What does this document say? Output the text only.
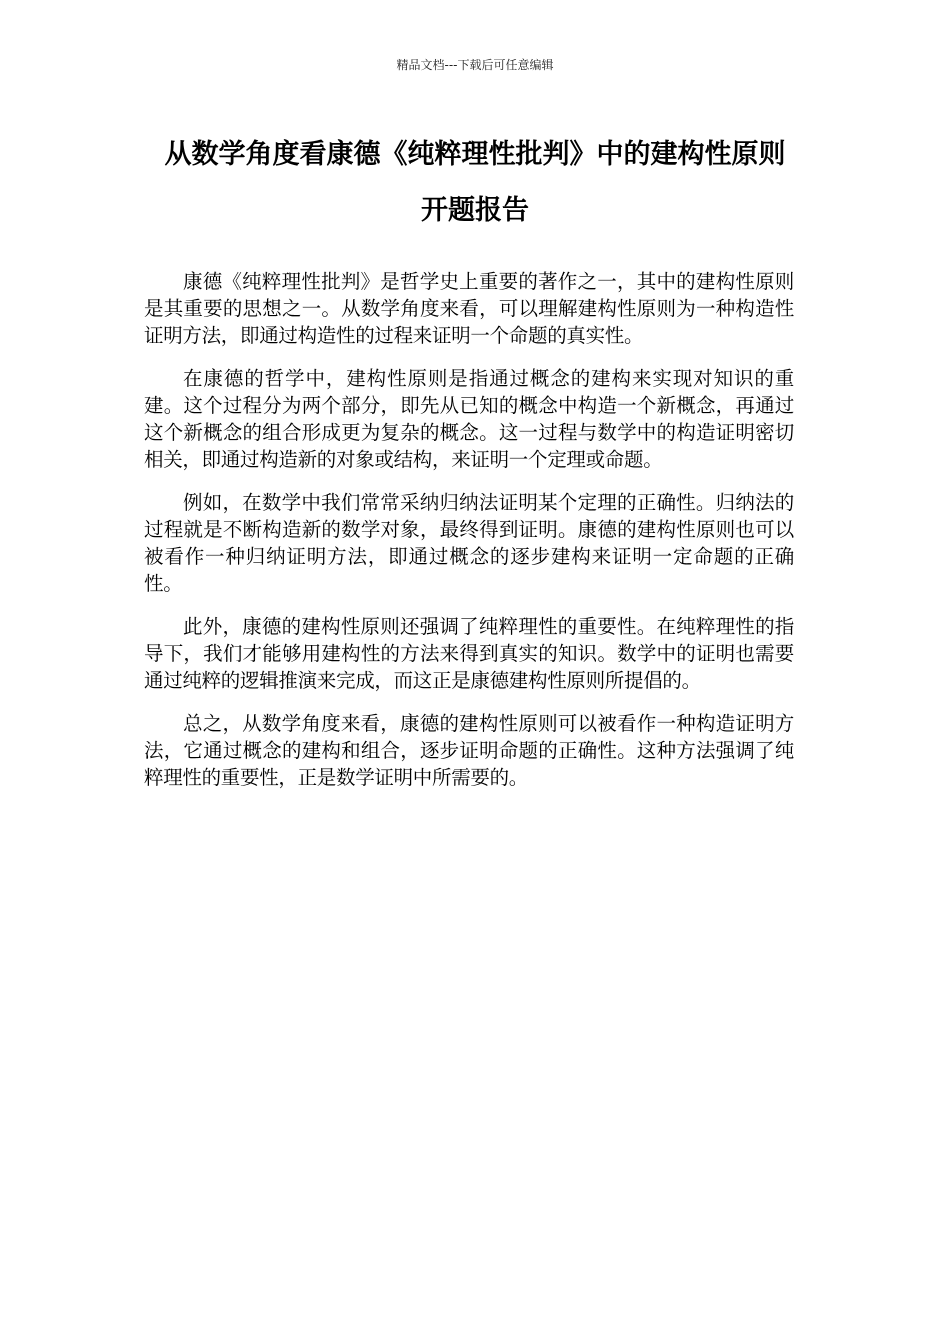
精品文档---下载后可任意编辑

从数学角度看康德《纯粹理性批判》中的建构性原则

开题报告

康德《纯粹理性批判》是哲学史上重要的著作之一，其中的建构性原则是其重要的思想之一。从数学角度来看，可以理解建构性原则为一种构造性证明方法，即通过构造性的过程来证明一个命题的真实性。

在康德的哲学中，建构性原则是指通过概念的建构来实现对知识的重建。这个过程分为两个部分，即先从已知的概念中构造一个新概念，再通过这个新概念的组合形成更为复杂的概念。这一过程与数学中的构造证明密切相关，即通过构造新的对象或结构，来证明一个定理或命题。

例如，在数学中我们常常采纳归纳法证明某个定理的正确性。归纳法的过程就是不断构造新的数学对象，最终得到证明。康德的建构性原则也可以被看作一种归纳证明方法，即通过概念的逐步建构来证明一定命题的正确性。

此外，康德的建构性原则还强调了纯粹理性的重要性。在纯粹理性的指导下，我们才能够用建构性的方法来得到真实的知识。数学中的证明也需要通过纯粹的逻辑推演来完成，而这正是康德建构性原则所提倡的。

总之，从数学角度来看，康德的建构性原则可以被看作一种构造证明方法，它通过概念的建构和组合，逐步证明命题的正确性。这种方法强调了纯粹理性的重要性，正是数学证明中所需要的。
